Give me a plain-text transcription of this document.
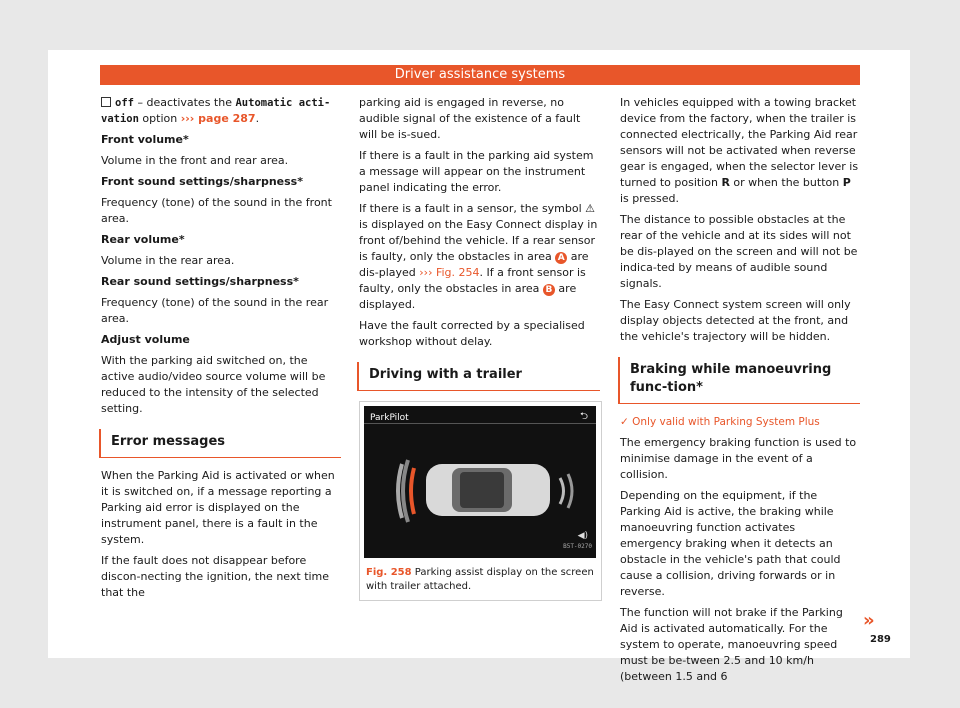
Driver assistance systems

off – deactivates the Automatic acti-vation option ››› page 287.

Front volume*

Volume in the front and rear area.

Front sound settings/sharpness*

Frequency (tone) of the sound in the front area.

Rear volume*

Volume in the rear area.

Rear sound settings/sharpness*

Frequency (tone) of the sound in the rear area.

Adjust volume

With the parking aid switched on, the active audio/video source volume will be reduced to the intensity of the selected setting.

Error messages

When the Parking Aid is activated or when it is switched on, if a message reporting a Parking aid error is displayed on the instrument panel, there is a fault in the system.

If the fault does not disappear before discon-necting the ignition, the next time that the

parking aid is engaged in reverse, no audible signal of the existence of a fault will be is-sued.

If there is a fault in the parking aid system a message will appear on the instrument panel indicating the error.

If there is a fault in a sensor, the symbol ⚠ is displayed on the Easy Connect display in front of/behind the vehicle. If a rear sensor is faulty, only the obstacles in area A are dis-played ››› Fig. 254. If a front sensor is faulty, only the obstacles in area B are displayed.

Have the fault corrected by a specialised workshop without delay.

Driving with a trailer
ParkPilot	⮌
◀)
B5T-0270
Fig. 258 Parking assist display on the screen with trailer attached.

In vehicles equipped with a towing bracket device from the factory, when the trailer is connected electrically, the Parking Aid rear sensors will not be activated when reverse gear is engaged, when the selector lever is turned to position R or when the button P is pressed.

The distance to possible obstacles at the rear of the vehicle and at its sides will not be dis-played on the screen and will not be indica-ted by means of audible sound signals.

The Easy Connect system screen will only display objects detected at the front, and the vehicle's trajectory will be hidden.

Braking while manoeuvring func-tion*

✓ Only valid with Parking System Plus

The emergency braking function is used to minimise damage in the event of a collision.

Depending on the equipment, if the Parking Aid is active, the braking while manoeuvring function activates emergency braking when it detects an obstacle in the vehicle's path that could cause a collision, driving forwards or in reverse.

The function will not brake if the Parking Aid is activated automatically. For the system to operate, manoeuvring speed must be be-tween 2.5 and 10 km/h (between 1.5 and 6

»
289
